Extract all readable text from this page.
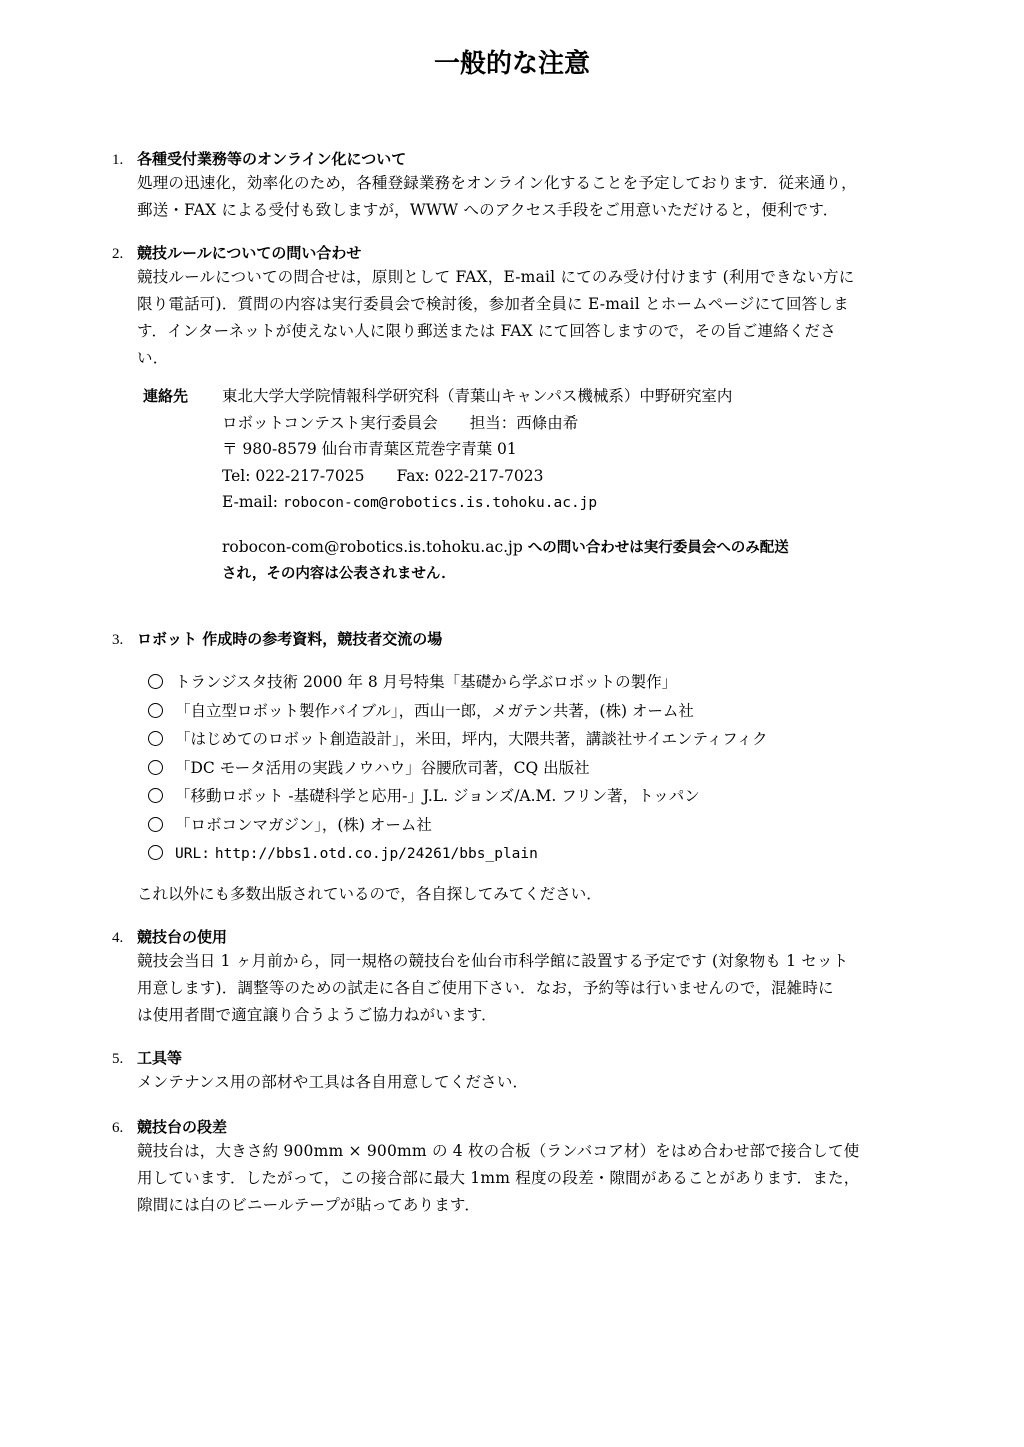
一般的な注意
1. 各種受付業務等のオンライン化について
処理の迅速化，効率化のため，各種登録業務をオンライン化することを予定しております．従来通り，
郵送・FAX による受付も致しますが，WWW へのアクセス手段をご用意いただけると，便利です．
2. 競技ルールについての問い合わせ
競技ルールについての問合せは，原則として FAX，E-mail にてのみ受け付けます (利用できない方に
限り電話可)．質問の内容は実行委員会で検討後，参加者全員に E-mail とホームページにて回答しま
す．インターネットが使えない人に限り郵送または FAX にて回答しますので，その旨ご連絡くださ
い．
連絡先 東北大学大学院情報科学研究科（青葉山キャンパス機械系）中野研究室内
ロボットコンテスト実行委員会 担当：西條由希
〒 980-8579 仙台市青葉区荒巻字青葉 01
Tel: 022-217-7025 Fax: 022-217-7023
E-mail: robocon-com@robotics.is.tohoku.ac.jp
robocon-com@robotics.is.tohoku.ac.jp への問い合わせは実行委員会へのみ配送
され，その内容は公表されません．
3. ロボット 作成時の参考資料，競技者交流の場
トランジスタ技術 2000 年 8 月号特集「基礎から学ぶロボットの製作」
「自立型ロボット製作バイブル」，西山一郎，メガテン共著，(株) オーム社
「はじめてのロボット創造設計」，米田，坪内，大隈共著，講談社サイエンティフィク
「DC モータ活用の実践ノウハウ」谷腰欣司著，CQ 出版社
「移動ロボット -基礎科学と応用-」J.L. ジョンズ/A.M. フリン著，トッパン
「ロボコンマガジン」，(株) オーム社
URL: http://bbs1.otd.co.jp/24261/bbs_plain
これ以外にも多数出版されているので，各自探してみてください．
4. 競技台の使用
競技会当日 1 ヶ月前から，同一規格の競技台を仙台市科学館に設置する予定です (対象物も 1 セット
用意します)．調整等のための試走に各自ご使用下さい．なお，予約等は行いませんので，混雑時に
は使用者間で適宜譲り合うようご協力ねがいます．
5. 工具等
メンテナンス用の部材や工具は各自用意してください．
6. 競技台の段差
競技台は，大きさ約 900mm × 900mm の 4 枚の合板（ランバコア材）をはめ合わせ部で接合して使
用しています．したがって，この接合部に最大 1mm 程度の段差・隙間があることがあります．また，
隙間には白のビニールテープが貼ってあります．
